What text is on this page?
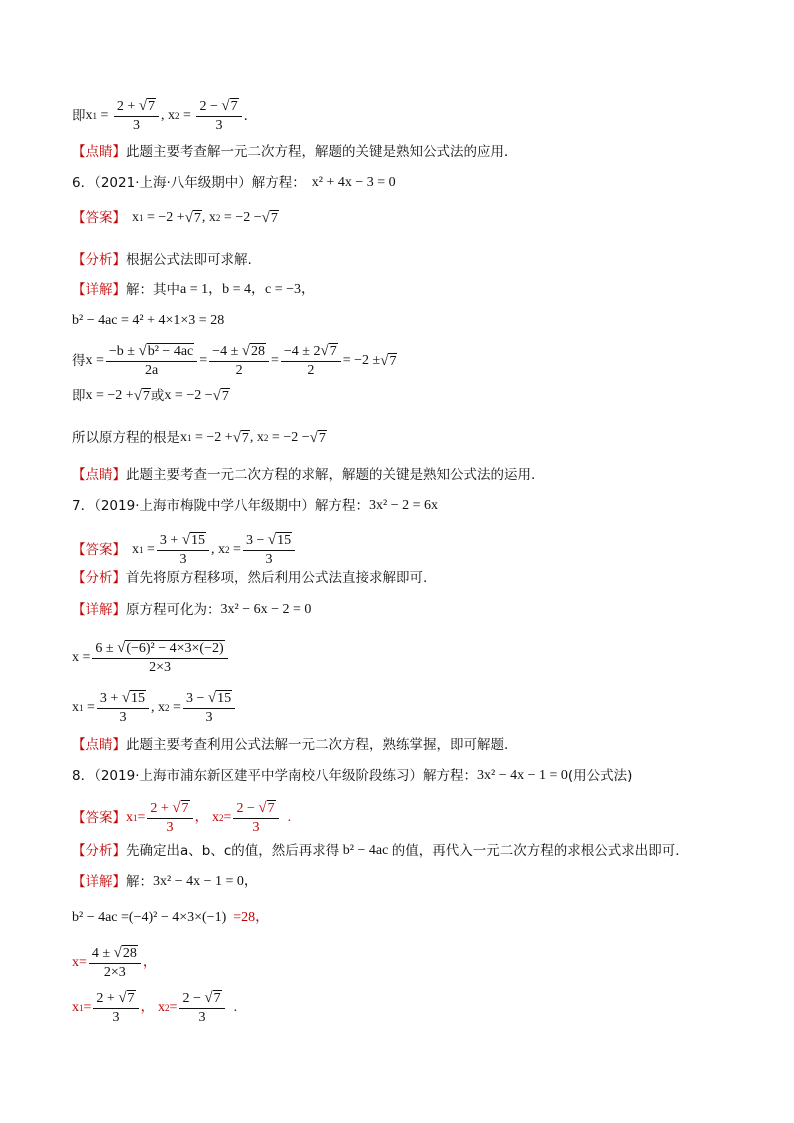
即 x $1 = \frac{2 + √ 7}{3}$ , x $2 = \frac{2 - √ 7}{3}$ ．
【点睛】 此题主要考查解一元二次方程，解题的关键是熟知公式法的应用．
6．（2021·上海·八年级期中）解方程： x² + 4x − 3 = 0
【答案】 x 1 = −2 + √ 7 , x 2 = −2 − √ 7
【分析】 根据公式法即可求解.
【详解】 解：其中 a = 1，b = 4，c = −3，
b² − 4ac = 4² + 4×1×3 = 28
得 $x = \frac{\text{−b ± √ b² − 4ac}}{2a} = \frac{-4 \pm √ 28}{2} = \frac{-4 \pm 2 √ 7}{2} = -2$ ± √ 7
即 x = −2 + √ 7 或 x = −2 − √ 7
所以原方程的根是 x 1 = −2 + √ 7 , x 2 = −2 − √ 7
【点睛】 此题主要考查一元二次方程的求解，解题的关键是熟知公式法的运用.
7．（2019·上海市梅陇中学八年级期中）解方程： 3x² − 2 = 6x
【答案】 x $1 = \frac{3 + √ 15}{3}$ , x $2 = \frac{3 - √ 15}{3}$
【分析】 首先将原方程移项，然后利用公式法直接求解即可.
【详解】 原方程可化为： 3x² − 6x − 2 = 0
$x = \frac{\text{6 ± √ (−6)² − 4×3×(−2)}}{2\times 3}$
x $1 = \frac{3 + √ 15}{3}$ , x $2 = \frac{3 - √ 15}{3}$
【点睛】 此题主要考查利用公式法解一元二次方程，熟练掌握，即可解题.
8．（2019·上海市浦东新区建平中学南校八年级阶段练习）解方程： 3x² − 4x − 1 = 0 (用公式法)
【答案】 x $1 = \frac{2 + √ 7}{3}$ ， x $2 = \frac{2 - √ 7}{3}$ .
【分析】 先确定出a、b、c的值，然后再求得 b² − 4ac 的值，再代入一元二次方程的求根公式求出即可．
【详解】 解： 3x² − 4x − 1 = 0，
b² − 4ac =(−4)² − 4×3×(−1) =28，
$x= \frac{4 \pm √ 28}{2\times 3}$ ，
x $1 = \frac{2 + √ 7}{3}$ ， x $2 = \frac{2 - √ 7}{3}$
.
